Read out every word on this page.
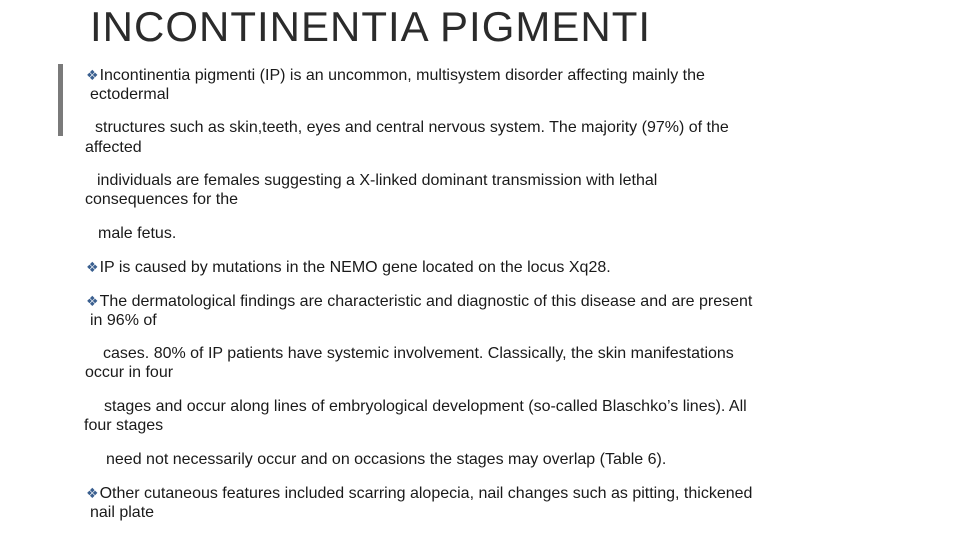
INCONTINENTIA PIGMENTI
❖Incontinentia pigmenti (IP) is an uncommon, multisystem disorder affecting mainly the
ectodermal
structures such as skin,teeth, eyes and central nervous system. The majority (97%) of the
affected
individuals are females suggesting a X-linked dominant transmission with lethal
consequences for the
male fetus.
❖IP is caused by mutations in the NEMO gene located on the locus Xq28.
❖The dermatological findings are characteristic and diagnostic of this disease and are present
in 96% of
cases. 80% of IP patients have systemic involvement. Classically, the skin manifestations
occur in four
stages and occur along lines of embryological development (so-called Blaschko’s lines). All
four stages
need not necessarily occur and on occasions the stages may overlap (Table 6).
❖Other cutaneous features included scarring alopecia, nail changes such as pitting, thickened
nail plate
